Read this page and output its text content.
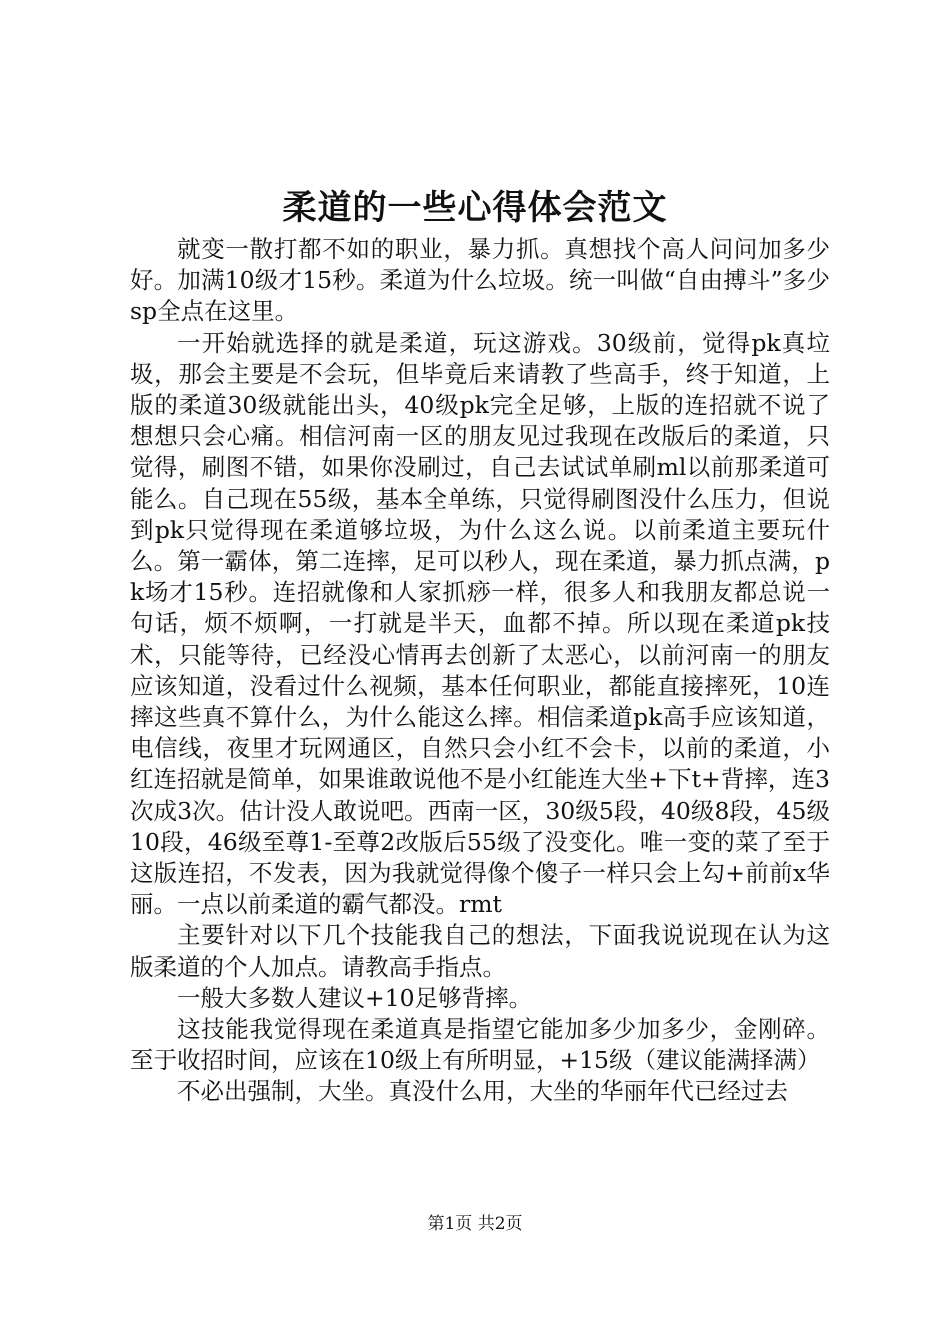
柔道的一些心得体会范文

就变一散打都不如的职业，暴力抓。真想找个高人问问加多少好。加满10级才15秒。柔道为什么垃圾。统一叫做“自由搏斗”多少sp全点在这里。

一开始就选择的就是柔道，玩这游戏。30级前，觉得pk真垃圾，那会主要是不会玩，但毕竟后来请教了些高手，终于知道，上版的柔道30级就能出头，40级pk完全足够，上版的连招就不说了想想只会心痛。相信河南一区的朋友见过我现在改版后的柔道，只觉得，刷图不错，如果你没刷过，自己去试试单刷ml以前那柔道可能么。自己现在55级，基本全单练，只觉得刷图没什么压力，但说到pk只觉得现在柔道够垃圾，为什么这么说。以前柔道主要玩什么。第一霸体，第二连摔，足可以秒人，现在柔道，暴力抓点满，pk场才15秒。连招就像和人家抓痧一样，很多人和我朋友都总说一句话，烦不烦啊，一打就是半天，血都不掉。所以现在柔道pk技术，只能等待，已经没心情再去创新了太恶心，以前河南一的朋友应该知道，没看过什么视频，基本任何职业，都能直接摔死，10连摔这些真不算什么，为什么能这么摔。相信柔道pk高手应该知道，电信线，夜里才玩网通区，自然只会小红不会卡，以前的柔道，小红连招就是简单，如果谁敢说他不是小红能连大坐+下t+背摔，连3次成3次。估计没人敢说吧。西南一区，30级5段，40级8段，45级10段，46级至尊1-至尊2改版后55级了没变化。唯一变的菜了至于这版连招，不发表，因为我就觉得像个傻子一样只会上勾+前前x华丽。一点以前柔道的霸气都没。rmt

主要针对以下几个技能我自己的想法，下面我说说现在认为这版柔道的个人加点。请教高手指点。

一般大多数人建议+10足够背摔。

这技能我觉得现在柔道真是指望它能加多少加多少，金刚碎。至于收招时间，应该在10级上有所明显，+15级（建议能满择满）

不必出强制，大坐。真没什么用，大坐的华丽年代已经过去

第1页 共2页
